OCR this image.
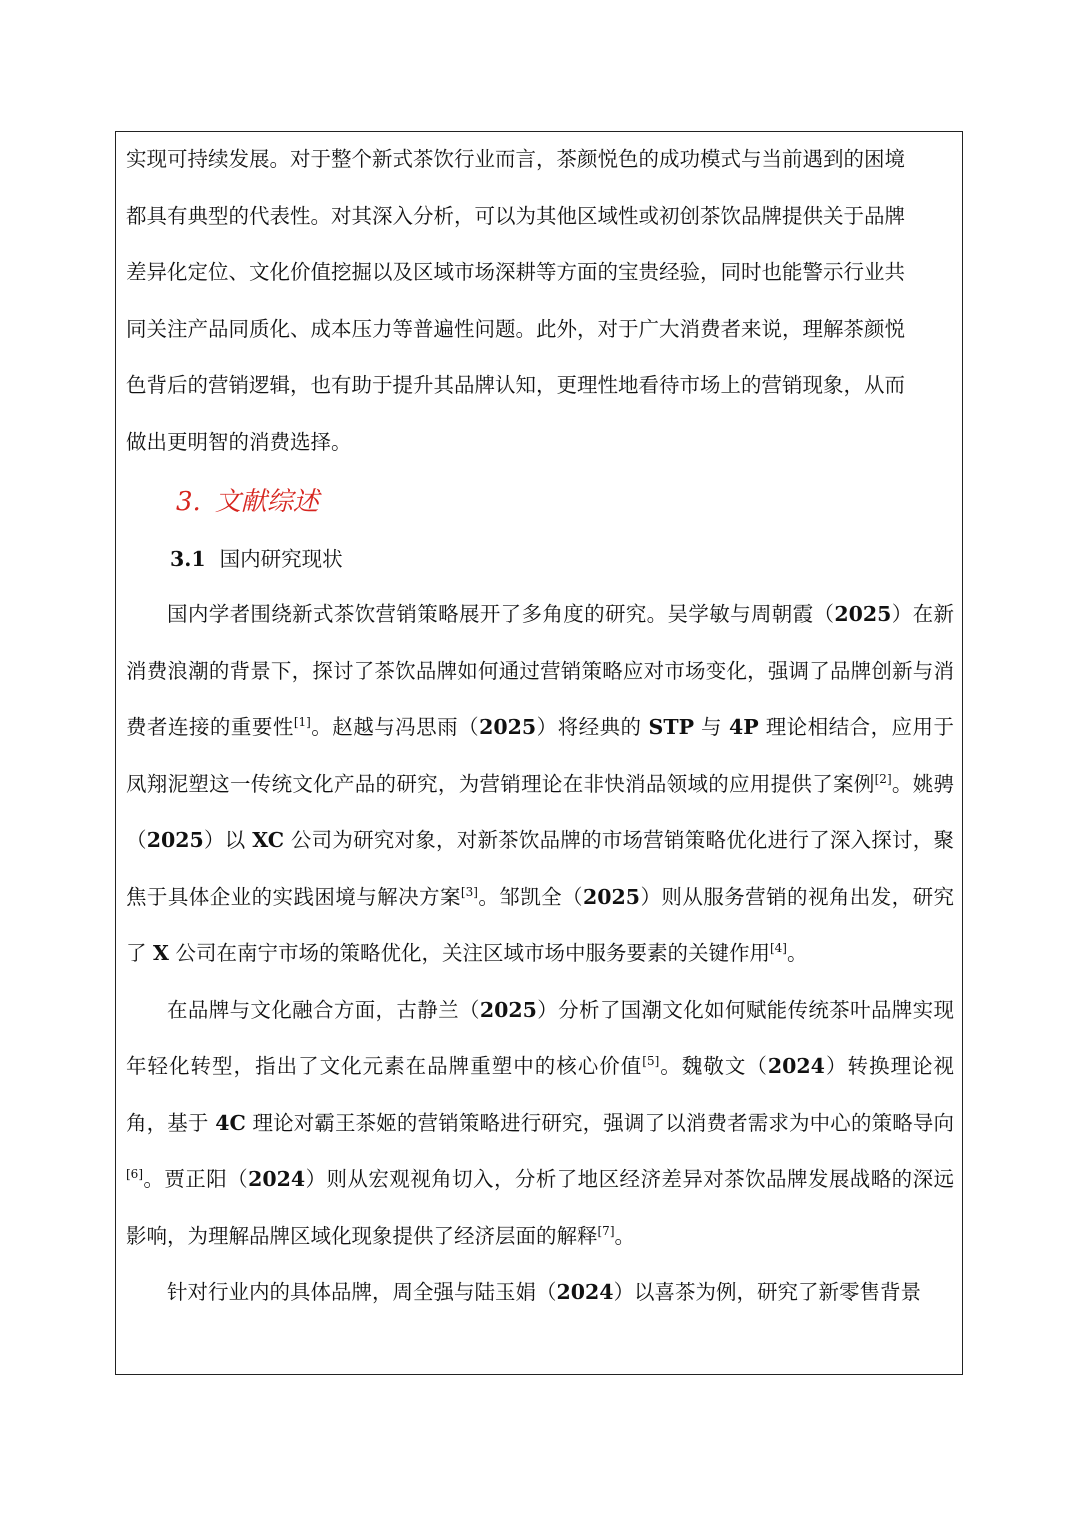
实现可持续发展。对于整个新式茶饮行业而言，茶颜悦色的成功模式与当前遇到的困境
都具有典型的代表性。对其深入分析，可以为其他区域性或初创茶饮品牌提供关于品牌
差异化定位、文化价值挖掘以及区域市场深耕等方面的宝贵经验，同时也能警示行业共
同关注产品同质化、成本压力等普遍性问题。此外，对于广大消费者来说，理解茶颜悦
色背后的营销逻辑，也有助于提升其品牌认知，更理性地看待市场上的营销现象，从而
做出更明智的消费选择。

3. 文献综述

3.1 国内研究现状

国内学者围绕新式茶饮营销策略展开了多角度的研究。吴学敏与周朝霞（2025）在新消费浪潮的背景下，探讨了茶饮品牌如何通过营销策略应对市场变化，强调了品牌创新与消费者连接的重要性[1]。赵越与冯思雨（2025）将经典的 STP 与 4P 理论相结合，应用于凤翔泥塑这一传统文化产品的研究，为营销理论在非快消品领域的应用提供了案例[2]。姚骋（2025）以 XC 公司为研究对象，对新茶饮品牌的市场营销策略优化进行了深入探讨，聚焦于具体企业的实践困境与解决方案[3]。邹凯全（2025）则从服务营销的视角出发，研究了 X 公司在南宁市场的策略优化，关注区域市场中服务要素的关键作用[4]。

在品牌与文化融合方面，古静兰（2025）分析了国潮文化如何赋能传统茶叶品牌实现年轻化转型，指出了文化元素在品牌重塑中的核心价值[5]。魏敬文（2024）转换理论视角，基于 4C 理论对霸王茶姬的营销策略进行研究，强调了以消费者需求为中心的策略导向[6]。贾正阳（2024）则从宏观视角切入，分析了地区经济差异对茶饮品牌发展战略的深远影响，为理解品牌区域化现象提供了经济层面的解释[7]。

针对行业内的具体品牌，周全强与陆玉娟（2024）以喜茶为例，研究了新零售背景
